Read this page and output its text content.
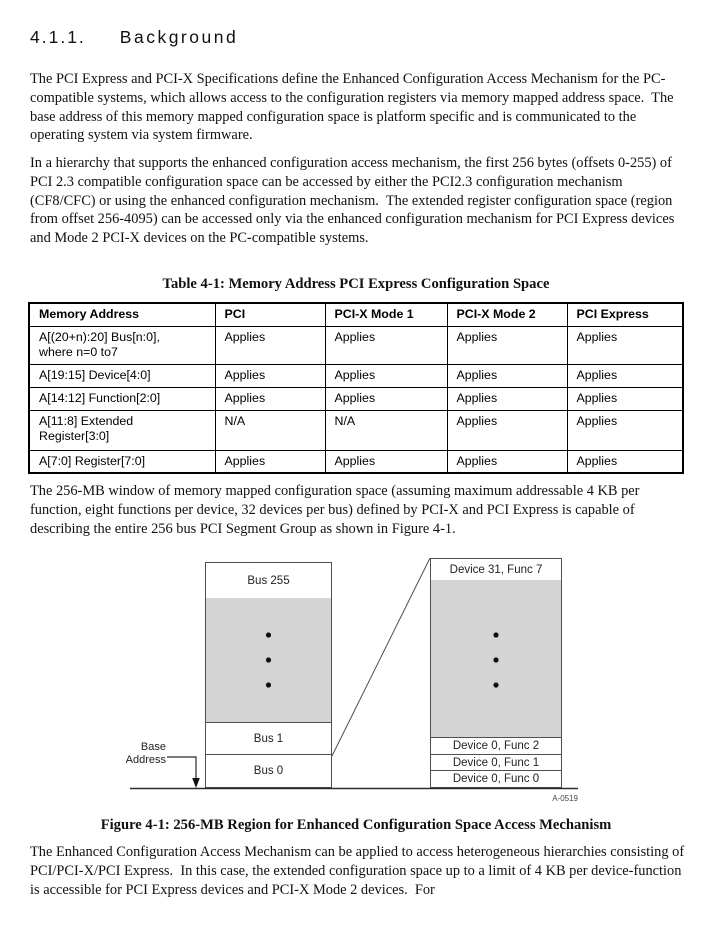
4.1.1. Background
The PCI Express and PCI-X Specifications define the Enhanced Configuration Access Mechanism for the PC-compatible systems, which allows access to the configuration registers via memory mapped address space.  The base address of this memory mapped configuration space is platform specific and is communicated to the operating system via system firmware.
In a hierarchy that supports the enhanced configuration access mechanism, the first 256 bytes (offsets 0-255) of PCI 2.3 compatible configuration space can be accessed by either the PCI2.3 configuration mechanism (CF8/CFC) or using the enhanced configuration mechanism.  The extended register configuration space (region from offset 256-4095) can be accessed only via the enhanced configuration mechanism for PCI Express devices and Mode 2 PCI-X devices on the PC-compatible systems.
Table 4-1: Memory Address PCI Express Configuration Space
Memory Address	PCI	PCI-X Mode 1	PCI-X Mode 2	PCI Express
A[(20+n):20] Bus[n:0],
where n=0 to7	Applies	Applies	Applies	Applies
A[19:15] Device[4:0]	Applies	Applies	Applies	Applies
A[14:12] Function[2:0]	Applies	Applies	Applies	Applies
A[11:8] Extended
Register[3:0]	N/A	N/A	Applies	Applies
A[7:0] Register[7:0]	Applies	Applies	Applies	Applies
The 256-MB window of memory mapped configuration space (assuming maximum addressable 4 KB per function, eight functions per device, 32 devices per bus) defined by PCI-X and PCI Express is capable of describing the entire 256 bus PCI Segment Group as shown in Figure 4-1.
Bus 255
Bus 1
Bus 0
Device 31, Func 7
Device 0, Func 2
Device 0, Func 1
Device 0, Func 0
Base
Address
A-0519
Figure 4-1: 256-MB Region for Enhanced Configuration Space Access Mechanism
The Enhanced Configuration Access Mechanism can be applied to access heterogeneous hierarchies consisting of PCI/PCI-X/PCI Express.  In this case, the extended configuration space up to a limit of 4 KB per device-function is accessible for PCI Express devices and PCI-X Mode 2 devices.  For
